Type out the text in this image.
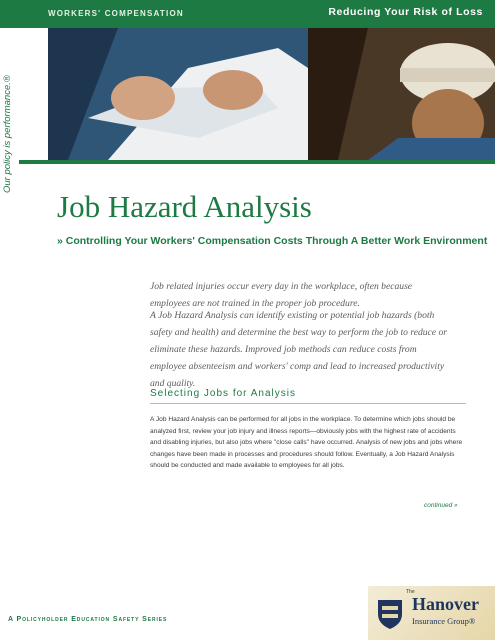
WORKERS' COMPENSATION	Reducing Your Risk of Loss
Our policy is performance.®
Job Hazard Analysis
» Controlling Your Workers' Compensation Costs Through A Better Work Environment

Job related injuries occur every day in the workplace, often because employees are not trained in the proper job procedure.

A Job Hazard Analysis can identify existing or potential job hazards (both safety and health) and determine the best way to perform the job to reduce or eliminate these hazards. Improved job methods can reduce costs from employee absenteeism and workers' comp and lead to increased productivity and quality.

Selecting Jobs for Analysis

A Job Hazard Analysis can be performed for all jobs in the workplace. To determine which jobs should be analyzed first, review your job injury and illness reports—obviously jobs with the highest rate of accidents and disabling injuries, but also jobs where "close calls" have occurred. Analysis of new jobs and jobs where changes have been made in processes and procedures should follow. Eventually, a Job Hazard Analysis should be conducted and made available to employees for all jobs.

continued »
A Policyholder Education Safety Series
The
Hanover
Insurance Group®
